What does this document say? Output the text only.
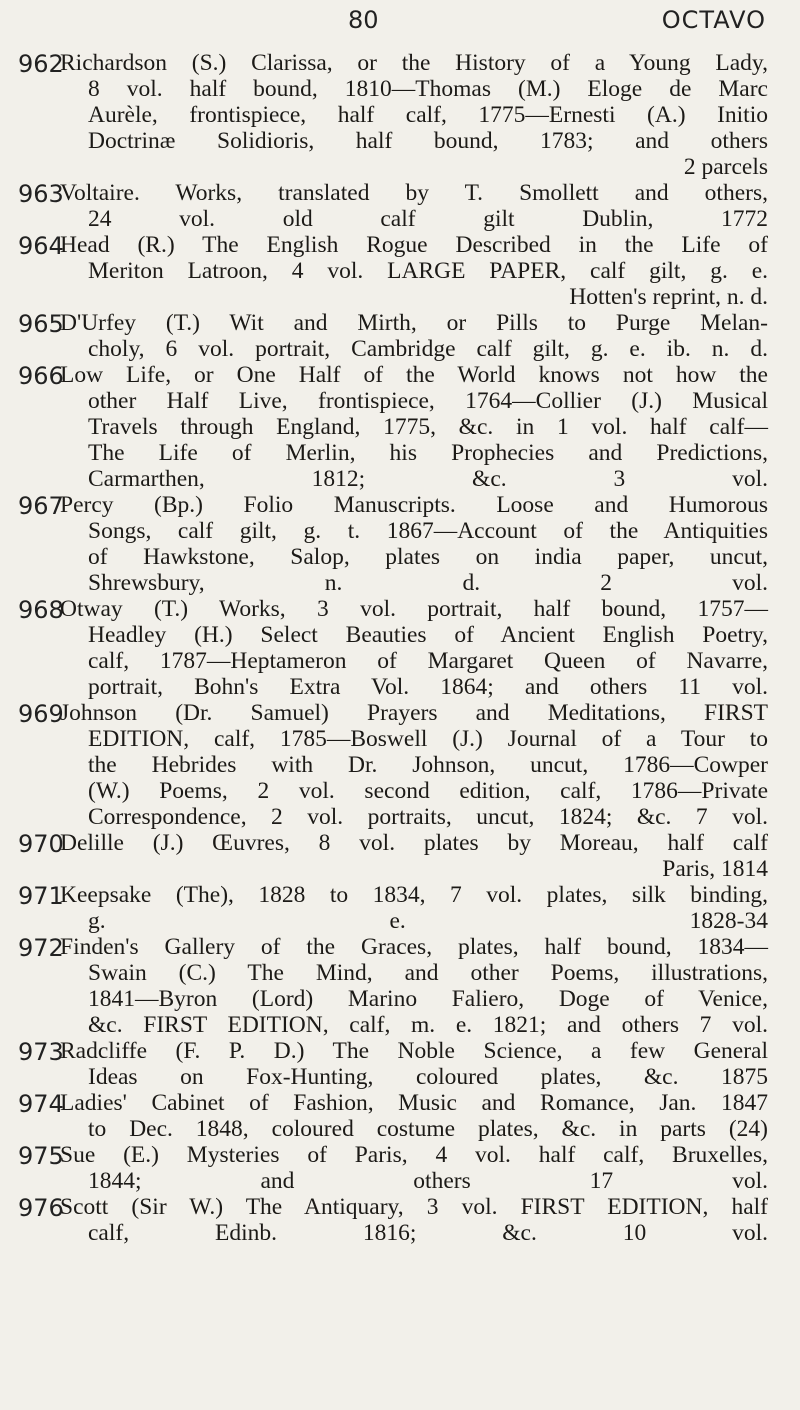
80	OCTAVO
962
Richardson (S.) Clarissa, or the History of a Young Lady,
8 vol. half bound, 1810—Thomas (M.) Eloge de Marc
Aurèle, frontispiece, half calf, 1775—Ernesti (A.) Initio
Doctrinæ Solidioris, half bound, 1783; and others
2 parcels
963
Voltaire. Works, translated by T. Smollett and others,
24 vol. old calf gilt Dublin, 1772
964
Head (R.) The English Rogue Described in the Life of
Meriton Latroon, 4 vol. LARGE PAPER, calf gilt, g. e.
Hotten's reprint, n. d.
965
D'Urfey (T.) Wit and Mirth, or Pills to Purge Melan-
choly, 6 vol. portrait, Cambridge calf gilt, g. e. ib. n. d.
966
Low Life, or One Half of the World knows not how the
other Half Live, frontispiece, 1764—Collier (J.) Musical
Travels through England, 1775, &c. in 1 vol. half calf—
The Life of Merlin, his Prophecies and Predictions,
Carmarthen, 1812; &c. 3 vol.
967
Percy (Bp.) Folio Manuscripts. Loose and Humorous
Songs, calf gilt, g. t. 1867—Account of the Antiquities
of Hawkstone, Salop, plates on india paper, uncut,
Shrewsbury, n. d. 2 vol.
968
Otway (T.) Works, 3 vol. portrait, half bound, 1757—
Headley (H.) Select Beauties of Ancient English Poetry,
calf, 1787—Heptameron of Margaret Queen of Navarre,
portrait, Bohn's Extra Vol. 1864; and others 11 vol.
969
Johnson (Dr. Samuel) Prayers and Meditations, FIRST
EDITION, calf, 1785—Boswell (J.) Journal of a Tour to
the Hebrides with Dr. Johnson, uncut, 1786—Cowper
(W.) Poems, 2 vol. second edition, calf, 1786—Private
Correspondence, 2 vol. portraits, uncut, 1824; &c. 7 vol.
970
Delille (J.) Œuvres, 8 vol. plates by Moreau, half calf
Paris, 1814
971
Keepsake (The), 1828 to 1834, 7 vol. plates, silk binding,
g. e. 1828-34
972
Finden's Gallery of the Graces, plates, half bound, 1834—
Swain (C.) The Mind, and other Poems, illustrations,
1841—Byron (Lord) Marino Faliero, Doge of Venice,
&c. FIRST EDITION, calf, m. e. 1821; and others 7 vol.
973
Radcliffe (F. P. D.) The Noble Science, a few General
Ideas on Fox-Hunting, coloured plates, &c. 1875
974
Ladies' Cabinet of Fashion, Music and Romance, Jan. 1847
to Dec. 1848, coloured costume plates, &c. in parts (24)
975
Sue (E.) Mysteries of Paris, 4 vol. half calf, Bruxelles,
1844; and others 17 vol.
976
Scott (Sir W.) The Antiquary, 3 vol. FIRST EDITION, half
calf, Edinb. 1816; &c. 10 vol.
